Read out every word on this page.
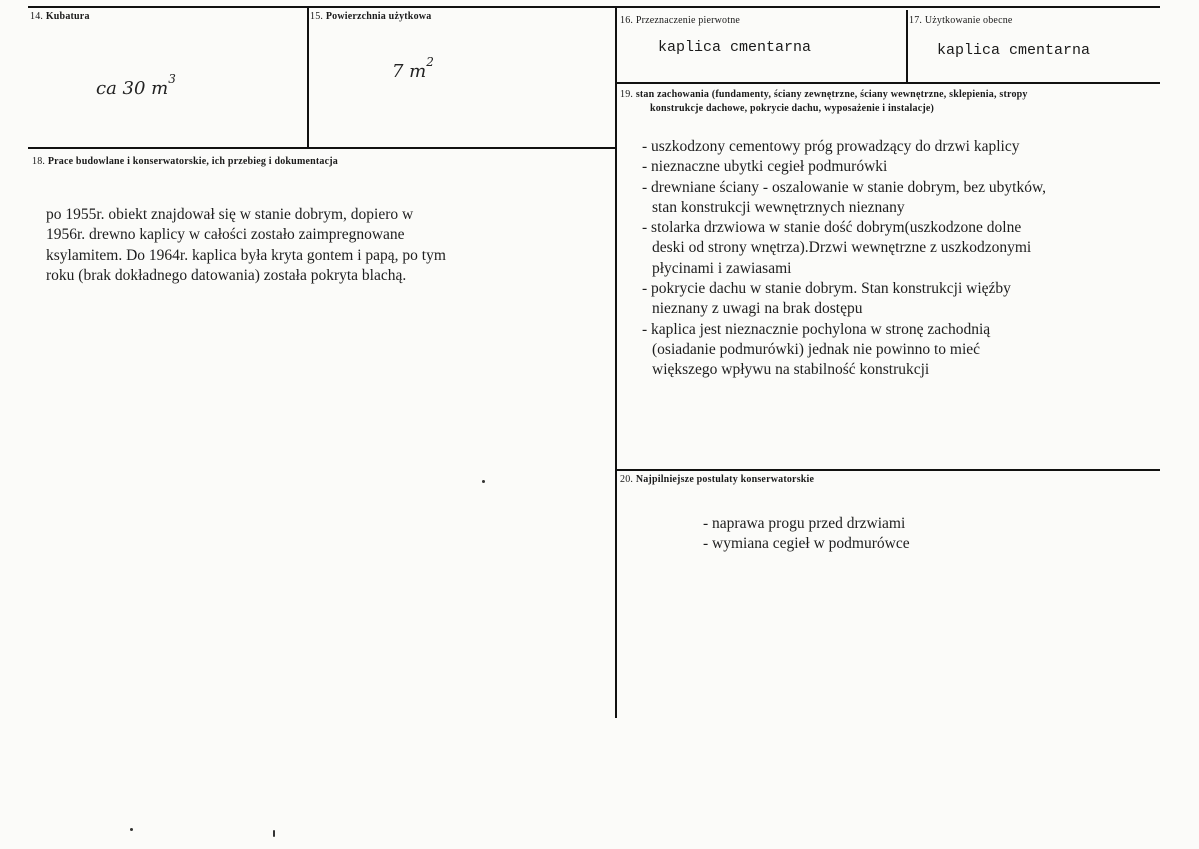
14. Kubatura
ca 30 $m^3$
15. Powierzchnia użytkowa
7 $m^2$
16. Przeznaczenie pierwotne
kaplica cmentarna
17. Użytkowanie obecne
kaplica cmentarna
18. Prace budowlane i konserwatorskie, ich przebieg i dokumentacja
po 1955r. obiekt znajdował się w stanie dobrym, dopiero w
1956r. drewno kaplicy w całości zostało zaimpregnowane
ksylamitem. Do 1964r. kaplica była kryta gontem i papą, po tym
roku (brak dokładnego datowania) została pokryta blachą.
19. stan zachowania (fundamenty, ściany zewnętrzne, ściany wewnętrzne, sklepienia, stropy
konstrukcje dachowe, pokrycie dachu, wyposażenie i instalacje)
- uszkodzony cementowy próg prowadzący do drzwi kaplicy
- nieznaczne ubytki cegieł podmurówki
- drewniane ściany - oszalowanie w stanie dobrym, bez ubytków,
stan konstrukcji wewnętrznych nieznany
- stolarka drzwiowa w stanie dość dobrym(uszkodzone dolne
deski od strony wnętrza).Drzwi wewnętrzne z uszkodzonymi
płycinami i zawiasami
- pokrycie dachu w stanie dobrym. Stan konstrukcji więźby
nieznany z uwagi na brak dostępu
- kaplica jest nieznacznie pochylona w stronę zachodnią
(osiadanie podmurówki) jednak nie powinno to mieć
większego wpływu na stabilność konstrukcji
20. Najpilniejsze postulaty konserwatorskie
- naprawa progu przed drzwiami
- wymiana cegieł w podmurówce
